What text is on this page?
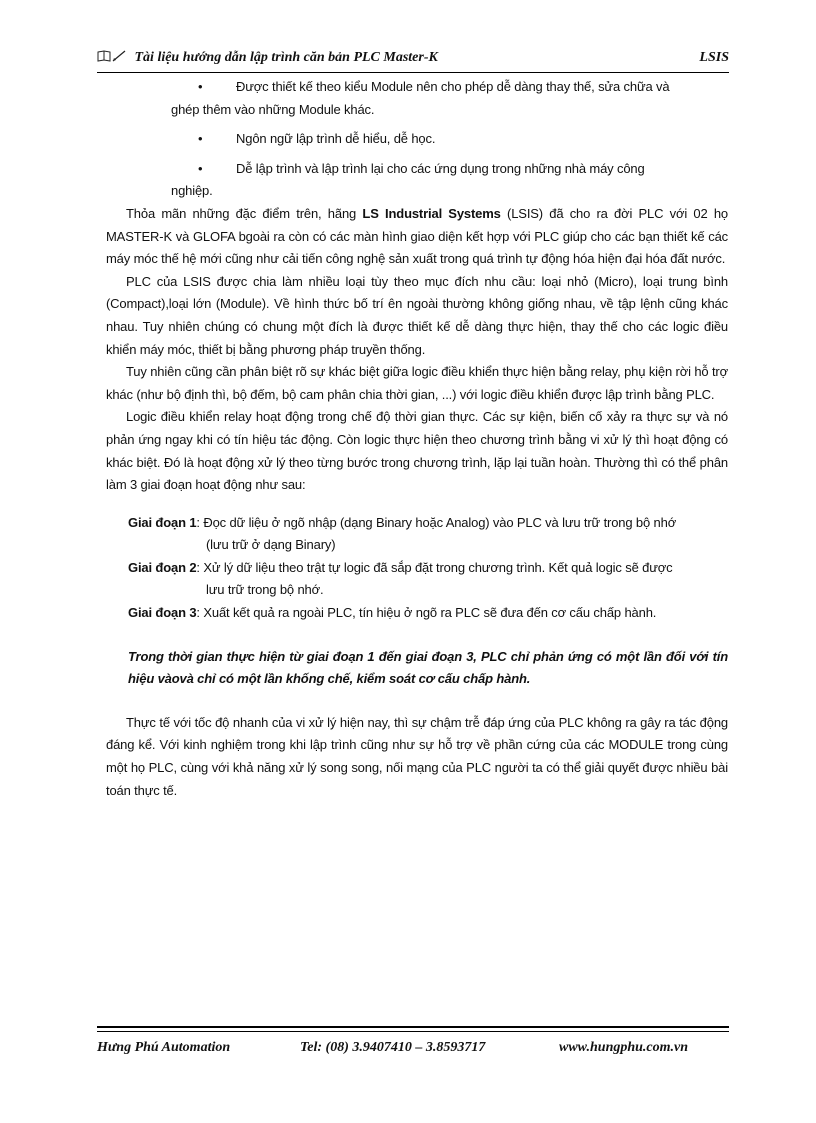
Tài liệu hướng dẫn lập trình căn bản PLC Master-K	LSIS

•	Được thiết kế theo kiểu Module nên cho phép dễ dàng thay thế, sửa chữa và

ghép thêm vào những Module khác.

•	Ngôn ngữ lập trình dễ hiểu, dễ học.

•	Dễ lập trình và lập trình lại cho các ứng dụng trong những nhà máy công

nghiệp.

Thỏa mãn những đặc điểm trên, hãng LS Industrial Systems (LSIS) đã cho ra đời PLC với 02 họ MASTER-K và GLOFA bgoài ra còn có các màn hình giao diện kết hợp với PLC giúp cho các bạn thiết kế các máy móc thế hệ mới cũng như cải tiến công nghệ sản xuất trong quá trình tự động hóa hiện đại hóa đất nước.

PLC của LSIS được chia làm nhiều loại tùy theo mục đích nhu cầu: loại nhỏ (Micro), loại trung bình (Compact),loại lớn (Module). Về hình thức bố trí ên ngoài thường không giống nhau, về tập lệnh cũng khác nhau. Tuy nhiên chúng có chung một đích là được thiết kế dễ dàng thực hiện, thay thế cho các logic điều khiển máy móc, thiết bị bằng phương pháp truyền thống.

Tuy nhiên cũng cần phân biệt rõ sự khác biệt giữa logic điều khiển thực hiện bằng relay, phụ kiện rời hỗ trợ khác (như bộ định thì, bộ đếm, bộ cam phân chia thời gian, ...) với logic điều khiển được lập trình bằng PLC.

Logic điều khiển relay hoạt động trong chế độ thời gian thực. Các sự kiện, biến cố xảy ra thực sự và nó phản ứng ngay khi có tín hiệu tác động. Còn logic thực hiện theo chương trình bằng vi xử lý thì hoạt động có khác biệt. Đó là hoạt động xử lý theo từng bước trong chương trình, lặp lại tuần hoàn. Thường thì có thể phân làm 3 giai đoạn hoạt động như sau:

Giai đoạn 1: Đọc dữ liệu ở ngõ nhập (dạng Binary hoặc Analog) vào PLC và lưu trữ trong bộ nhớ

(lưu trữ ở dạng Binary)

Giai đoạn 2: Xử lý dữ liệu theo trật tự logic đã sắp đặt trong chương trình. Kết quả logic sẽ được

lưu trữ trong bộ nhớ.

Giai đoạn 3: Xuất kết quả ra ngoài PLC, tín hiệu ở ngõ ra PLC sẽ đưa đến cơ cấu chấp hành.

Trong thời gian thực hiện từ giai đoạn 1 đến giai đoạn 3, PLC chỉ phản ứng có một lần đối với tín hiệu vàovà chỉ có một lần khống chế, kiểm soát cơ cấu chấp hành.

Thực tế với tốc độ nhanh của vi xử lý hiện nay, thì sự chậm trễ đáp ứng của PLC không ra gây ra tác động đáng kể. Với kinh nghiệm trong khi lập trình cũng như sự hỗ trợ về phần cứng của các MODULE trong cùng một họ PLC, cùng với khả năng xử lý song song, nối mạng của PLC người ta có thể giải quyết được nhiều bài toán thực tế.

Hưng Phú Automation	Tel: (08) 3.9407410 – 3.8593717	www.hungphu.com.vn
